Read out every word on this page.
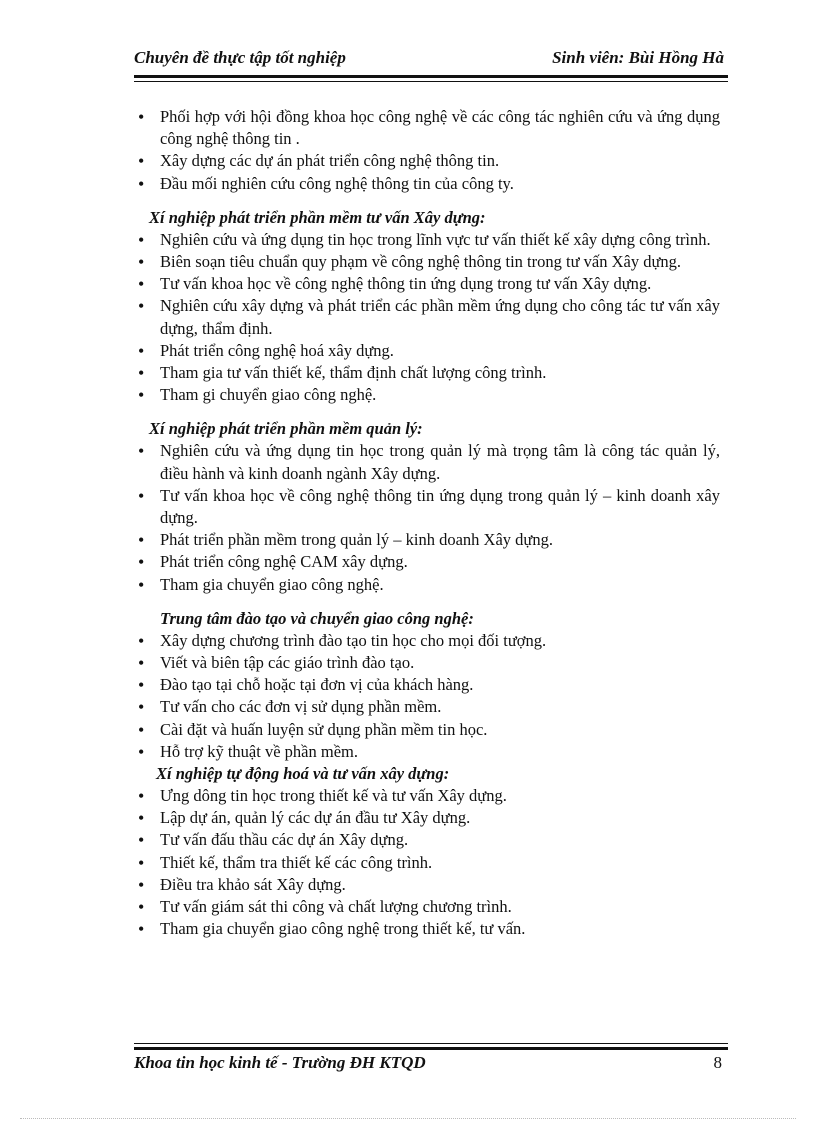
Chuyên đề thực tập tốt nghiệp	Sinh viên: Bùi Hồng Hà
• Phối hợp với hội đồng khoa học công nghệ về các công tác nghiên cứu và ứng dụng công nghệ thông tin .
• Xây dựng các dự án phát triển công nghệ thông tin.
• Đầu mối nghiên cứu công nghệ thông tin của công ty.

Xí nghiệp phát triển phần mềm tư vấn Xây dựng:

• Nghiên cứu và ứng dụng tin học trong lĩnh vực tư vấn thiết kế xây dựng công trình.
• Biên soạn tiêu chuẩn quy phạm về công nghệ thông tin trong tư vấn Xây dựng.
• Tư vấn khoa học về công nghệ thông tin ứng dụng trong tư vấn Xây dựng.
• Nghiên cứu xây dựng và phát triển các phần mềm ứng dụng cho công tác tư vấn xây dựng, thẩm định.
• Phát triển công nghệ hoá xây dựng.
• Tham gia tư vấn thiết kế, thẩm định chất lượng công trình.
• Tham gi chuyển giao công nghệ.

Xí nghiệp phát triển phần mềm quản lý:

• Nghiên cứu và ứng dụng tin học trong quản lý mà trọng tâm là công tác quản lý, điều hành và kinh doanh ngành Xây dựng.
• Tư vấn khoa học về công nghệ thông tin ứng dụng trong quản lý – kinh doanh xây dựng.
• Phát triển phần mềm trong quản lý – kinh doanh Xây dựng.
• Phát triển công nghệ CAM xây dựng.
• Tham gia chuyển giao công nghệ.

Trung tâm đào tạo và chuyển giao công nghệ:

• Xây dựng chương trình đào tạo tin học cho mọi đối tượng.
• Viết và biên tập các giáo trình đào tạo.
• Đào tạo tại chỗ hoặc tại đơn vị của khách hàng.
• Tư vấn cho các đơn vị sử dụng phần mềm.
• Cài đặt và huấn luyện sử dụng phần mềm tin học.
• Hỗ trợ kỹ thuật về phần mềm.

Xí nghiệp tự động hoá và tư vấn xây dựng:

• Ưng dông tin học trong thiết kế và tư vấn Xây dựng.
• Lập dự án, quản lý các dự án đầu tư Xây dựng.
• Tư vấn đấu thầu các dự án Xây dựng.
• Thiết kế, thẩm tra thiết kế các công trình.
• Điều tra khảo sát Xây dựng.
• Tư vấn giám sát thi công và chất lượng chương trình.
• Tham gia chuyển giao công nghệ trong thiết kế, tư vấn.
Khoa tin học kinh tế - Trường ĐH KTQD	8
